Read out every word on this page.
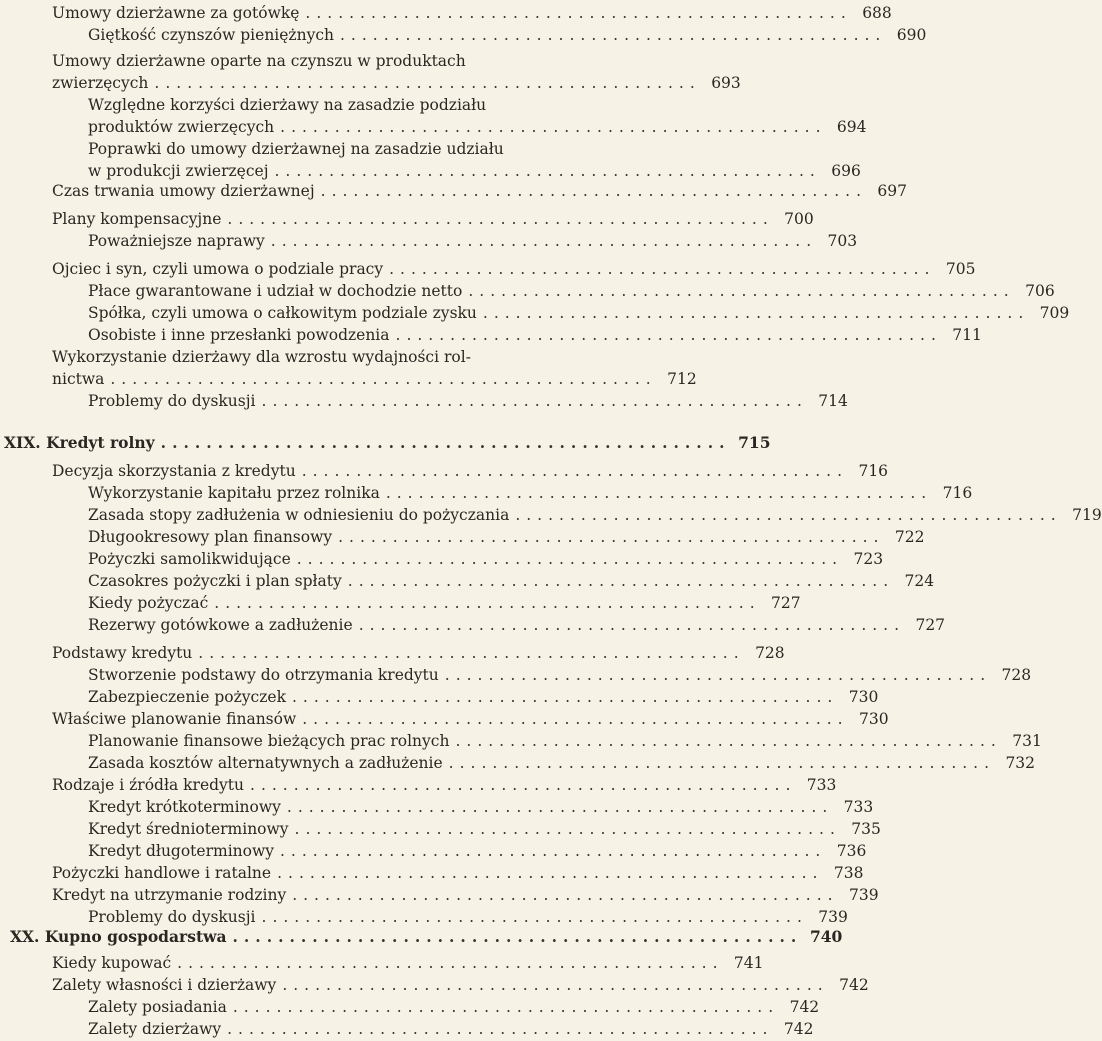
Umowy dzierżawne za gotówkę .................................................. 688
Giętkość czynszów pieniężnych .................................................. 690
Umowy dzierżawne oparte na czynszu w produktach
zwierzęcych .................................................. 693
Względne korzyści dzierżawy na zasadzie podziału
produktów zwierzęcych .................................................. 694
Poprawki do umowy dzierżawnej na zasadzie udziału
w produkcji zwierzęcej .................................................. 696
Czas trwania umowy dzierżawnej .................................................. 697
Plany kompensacyjne .................................................. 700
Poważniejsze naprawy .................................................. 703
Ojciec i syn, czyli umowa o podziale pracy .................................................. 705
Płace gwarantowane i udział w dochodzie netto .................................................. 706
Spółka, czyli umowa o całkowitym podziale zysku .................................................. 709
Osobiste i inne przesłanki powodzenia .................................................. 711
Wykorzystanie dzierżawy dla wzrostu wydajności rol-
nictwa .................................................. 712
Problemy do dyskusji .................................................. 714
XIX. Kredyt rolny .................................................. 715
Decyzja skorzystania z kredytu .................................................. 716
Wykorzystanie kapitału przez rolnika .................................................. 716
Zasada stopy zadłużenia w odniesieniu do pożyczania .................................................. 719
Długookresowy plan finansowy .................................................. 722
Pożyczki samolikwidujące .................................................. 723
Czasokres pożyczki i plan spłaty .................................................. 724
Kiedy pożyczać .................................................. 727
Rezerwy gotówkowe a zadłużenie .................................................. 727
Podstawy kredytu .................................................. 728
Stworzenie podstawy do otrzymania kredytu .................................................. 728
Zabezpieczenie pożyczek .................................................. 730
Właściwe planowanie finansów .................................................. 730
Planowanie finansowe bieżących prac rolnych .................................................. 731
Zasada kosztów alternatywnych a zadłużenie .................................................. 732
Rodzaje i źródła kredytu .................................................. 733
Kredyt krótkoterminowy .................................................. 733
Kredyt średnioterminowy .................................................. 735
Kredyt długoterminowy .................................................. 736
Pożyczki handlowe i ratalne .................................................. 738
Kredyt na utrzymanie rodziny .................................................. 739
Problemy do dyskusji .................................................. 739
XX. Kupno gospodarstwa .................................................. 740
Kiedy kupować .................................................. 741
Zalety własności i dzierżawy .................................................. 742
Zalety posiadania .................................................. 742
Zalety dzierżawy .................................................. 742
